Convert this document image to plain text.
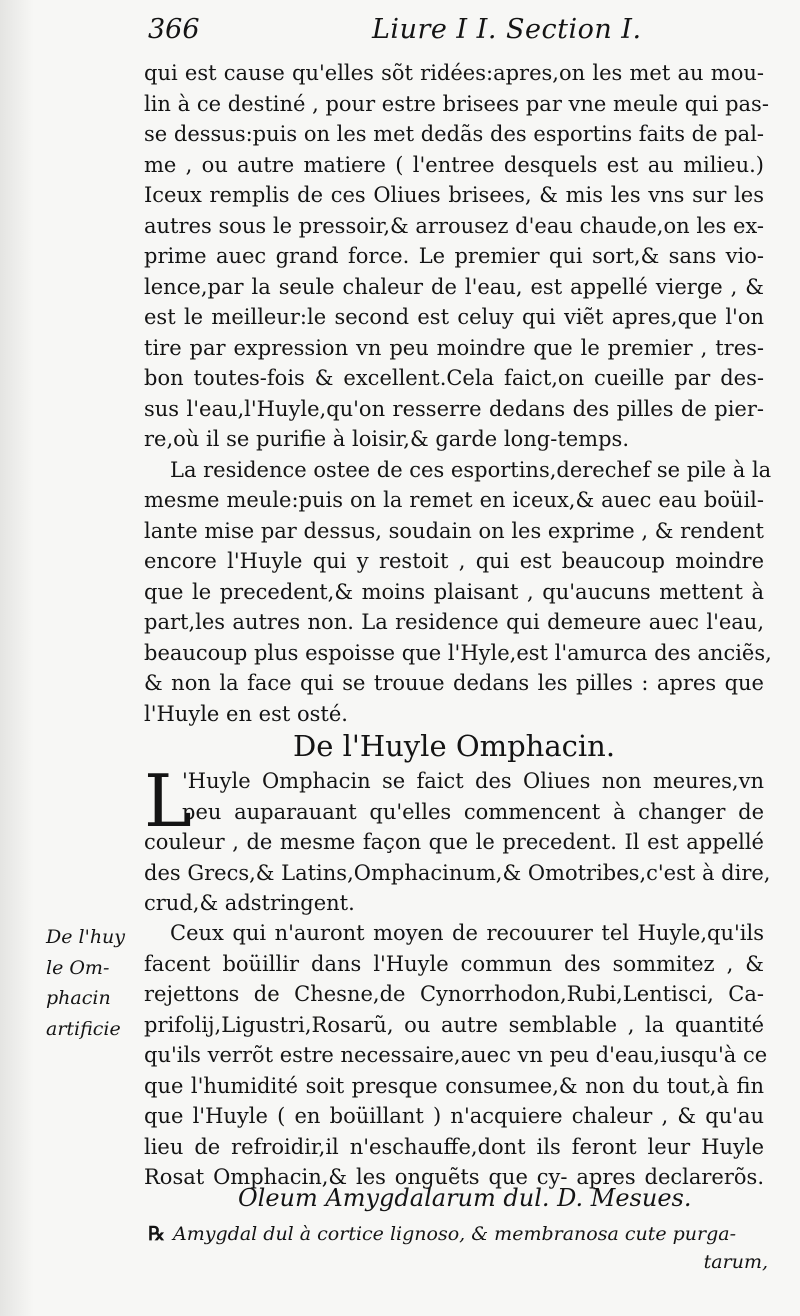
366	Liure I I. Section I.
qui est cause qu'elles sõt ridées:apres,on les met au mou-
lin à ce destiné , pour estre brisees par vne meule qui pas-
se dessus:puis on les met dedãs des esportins faits de pal-
me , ou autre matiere ( l'entree desquels est au milieu.)
Iceux remplis de ces Oliues brisees, & mis les vns sur les
autres sous le pressoir,& arrousez d'eau chaude,on les ex-
prime auec grand force. Le premier qui sort,& sans vio-
lence,par la seule chaleur de l'eau, est appellé vierge , &
est le meilleur:le second est celuy qui viẽt apres,que l'on
tire par expression vn peu moindre que le premier , tres-
bon toutes-fois & excellent.Cela faict,on cueille par des-
sus l'eau,l'Huyle,qu'on resserre dedans des pilles de pier-
re,où il se purifie à loisir,& garde long-temps.
La residence ostee de ces esportins,derechef se pile à la
mesme meule:puis on la remet en iceux,& auec eau boüil-
lante mise par dessus, soudain on les exprime , & rendent
encore l'Huyle qui y restoit , qui est beaucoup moindre
que le precedent,& moins plaisant , qu'aucuns mettent à
part,les autres non. La residence qui demeure auec l'eau,
beaucoup plus espoisse que l'Hyle,est l'amurca des anciẽs,
& non la face qui se trouue dedans les pilles : apres que
l'Huyle en est osté.
De l'Huyle Omphacin.
L
'Huyle Omphacin se faict des Oliues non meures,vn
peu auparauant qu'elles commencent à changer de
couleur , de mesme façon que le precedent. Il est appellé
des Grecs,& Latins,Omphacinum,& Omotribes,c'est à dire,
crud,& adstringent.
De l'huy
le Om-
phacin
artificie
Ceux qui n'auront moyen de recouurer tel Huyle,qu'ils
facent boüillir dans l'Huyle commun des sommitez , &
rejettons de Chesne,de Cynorrhodon,Rubi,Lentisci, Ca-
prifolij,Ligustri,Rosarũ, ou autre semblable , la quantité
qu'ils verrõt estre necessaire,auec vn peu d'eau,iusqu'à ce
que l'humidité soit presque consumee,& non du tout,à fin
que l'Huyle ( en boüillant ) n'acquiere chaleur , & qu'au
lieu de refroidir,il n'eschauffe,dont ils feront leur Huyle
Rosat Omphacin,& les onguẽts que cy- apres declarerõs.
Oleum Amygdalarum dul. D. Mesues.
℞ Amygdal dul à cortice lignoso, & membranosa cute purga-
tarum,
